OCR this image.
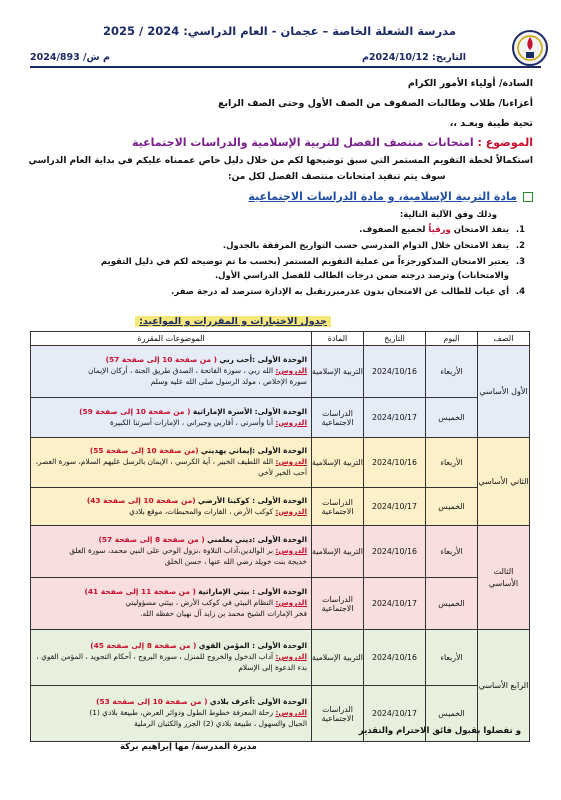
مدرسة الشعلة الخاصة – عجمان - العام الدراسي: 2024 / 2025
التاريخ: 2024/10/12م
م ش/ 2024/893
السادة/ أولياء الأمور الكرام
أعزاءنا/ طلاب وطالبات الصفوف من الصف الأول وحتى الصف الرابع
تحية طيبة وبعـد ،،
الموضوع : امتحانات منتصف الفصل للتربية الإسلامية والدراسات الاجتماعية
استكمالاً لخطة التقويم المستمر التي سبق توضيحها لكم من خلال دليل خاص عممناه عليكم في بداية العام الدراسي
سوف يتم تنفيذ امتحانات منتصف الفصل لكل من:
مادة التربية الإسلامية، و مادة الدراسات الاجتماعية
وذلك وفق الآلية التالية:
1.
ينفذ الامتحان ورقياً لجميع الصفوف.
2.
ينفذ الامتحان خلال الدوام المدرسي حسب التواريخ المرفقة بالجدول.
3.
يعتبر الامتحان المذكورجزءاً من عملية التقويم المستمر (بحسب ما تم توضيحه لكم في دليل التقويم والامتحانات) وترصد درجته ضمن درجات الطالب للفصل الدراسي الأول.
4.
أي غياب للطالب عن الامتحان بدون عذرمبررتقبل به الإدارة سترصد له درجة صفر.
جدول الاختبارات و المقررات و المواعيد:
الصف	اليوم	التاريخ	المادة	الموضوعات المقررة
الأول الأساسي	الأربعاء	2024/10/16	التربية الإسلامية	الوحدة الأولى :أحب ربي ( من صفحة 10 إلى صفحة 57)
الدروس: الله ربي ، سورة الفاتحة ، الصدق طريق الجنة ، أركان الإيمان
سورة الإخلاص ، مولد الرسول صلى الله عليه وسلم

	الخميس	2024/10/17	الدراسات الاجتماعية	الوحدة الأولى: الأسرة الإماراتية ( من صفحة 10 إلى صفحة 59)
الدروس: أنا وأسرتي ، أقاربي وجيراني ، الإمارات أسرتنا الكبيرة

الثاني الأساسي	الأربعاء	2024/10/16	التربية الإسلامية	الوحدة الأولى :إيماني يهديني (من صفحة 10 إلى صفحة 55)
الدروس: الله اللطيف الخبير ، آية الكرسي ، الإيمان بالرسل عليهم السلام، سورة العصر،
أحب الخير لأخي

	الخميس	2024/10/17	الدراسات الاجتماعية	الوحدة الأولى : كوكبنا الأرضي (من صفحة 10 إلى صفحة 43)
الدروس: كوكب الأرض ، القارات والمحيطات، موقع بلادي

الثالث الأساسي	الأربعاء	2024/10/16	التربية الإسلامية	الوحدة الأولى :ديني يعلمني ( من صفحة 8 إلى صفحة 57)
الدروس: بر الوالدين،آداب التلاوة ،نزول الوحي على النبي محمد، سورة العلق
خديجة بنت خويلد رضي الله عنها ، حسن الخلق

	الخميس	2024/10/17	الدراسات الاجتماعية	الوحدة الأولى : بيتي الإماراتية ( من صفحة 11 إلى صفحة 41)
الدروس: النظام البيئي في كوكب الأرض ، بيئتي مسؤوليتي
فخر الإمارات الشيخ محمد بن زايد آل نهيان حفظه الله.

الرابع الأساسي	الأربعاء	2024/10/16	التربية الإسلامية	الوحدة الأولى : المؤمن القوي ( من صفحة 8 إلى صفحة 45)
الدروس: آداب الدخول والخروج للمنزل ، سورة البروج ، أحكام التجويد ، المؤمن القوي ،
بدء الدعوة إلى الإسلام

	الخميس	2024/10/17	الدراسات الاجتماعية	الوحدة الأولى :أعرف بلادي ( من صفحة 10 إلى صفحة 53)
الدروس: رحلة المعرفة خطوط الطول ودوائر العرض، طبيعة بلادي (1)
الجبال والسهول ، طبيعة بلادي (2) الجزر والكثبان الرملية
و تفضلوا بقبول فائق الاحترام والتقدير
مديرة المدرسة/ مها إبراهيم بركة
